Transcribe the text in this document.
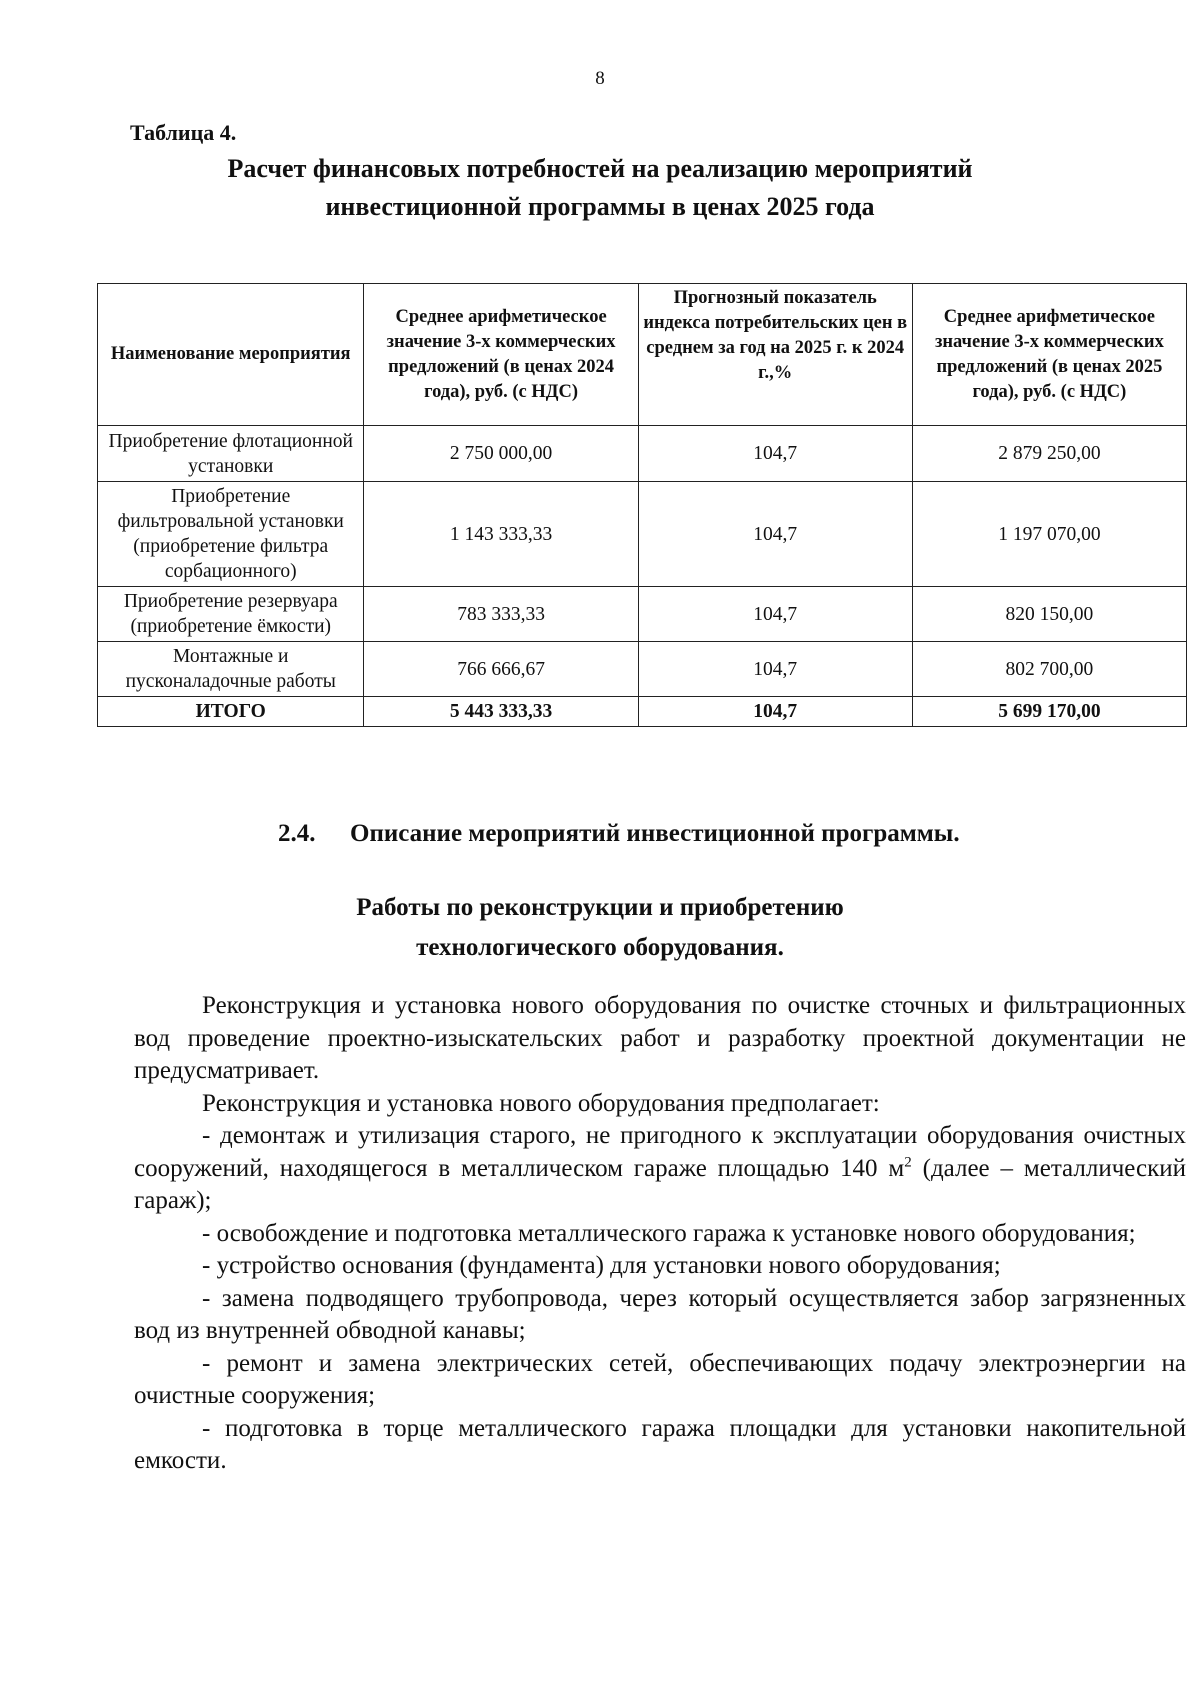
8
Таблица 4.
Расчет финансовых потребностей на реализацию мероприятий
инвестиционной программы в ценах 2025 года
Наименование мероприятия	Среднее арифметическое значение 3-х коммерческих предложений (в ценах 2024 года), руб. (с НДС)	Прогнозный показатель индекса потребительских цен в среднем за год на 2025 г. к 2024 г.,%	Среднее арифметическое значение 3-х коммерческих предложений (в ценах 2025 года), руб. (с НДС)
Приобретение флотационной установки	2 750 000,00	104,7	2 879 250,00
Приобретение фильтровальной установки (приобретение фильтра сорбационного)	1 143 333,33	104,7	1 197 070,00
Приобретение резервуара (приобретение ёмкости)	783 333,33	104,7	820 150,00
Монтажные и пусконаладочные работы	766 666,67	104,7	802 700,00
ИТОГО	5 443 333,33	104,7	5 699 170,00
2.4. Описание мероприятий инвестиционной программы.
Работы по реконструкции и приобретению
технологического оборудования.

Реконструкция и установка нового оборудования по очистке сточных и фильтрационных вод проведение проектно-изыскательских работ и разработку проектной документации не предусматривает.

Реконструкция и установка нового оборудования предполагает:

- демонтаж и утилизация старого, не пригодного к эксплуатации оборудования очистных сооружений, находящегося в металлическом гараже площадью 140 $м^2$ (далее – металлический гараж);

- освобождение и подготовка металлического гаража к установке нового оборудования;

- устройство основания (фундамента) для установки нового оборудования;

- замена подводящего трубопровода, через который осуществляется забор загрязненных вод из внутренней обводной канавы;

- ремонт и замена электрических сетей, обеспечивающих подачу электроэнергии на очистные сооружения;

- подготовка в торце металлического гаража площадки для установки накопительной емкости.
